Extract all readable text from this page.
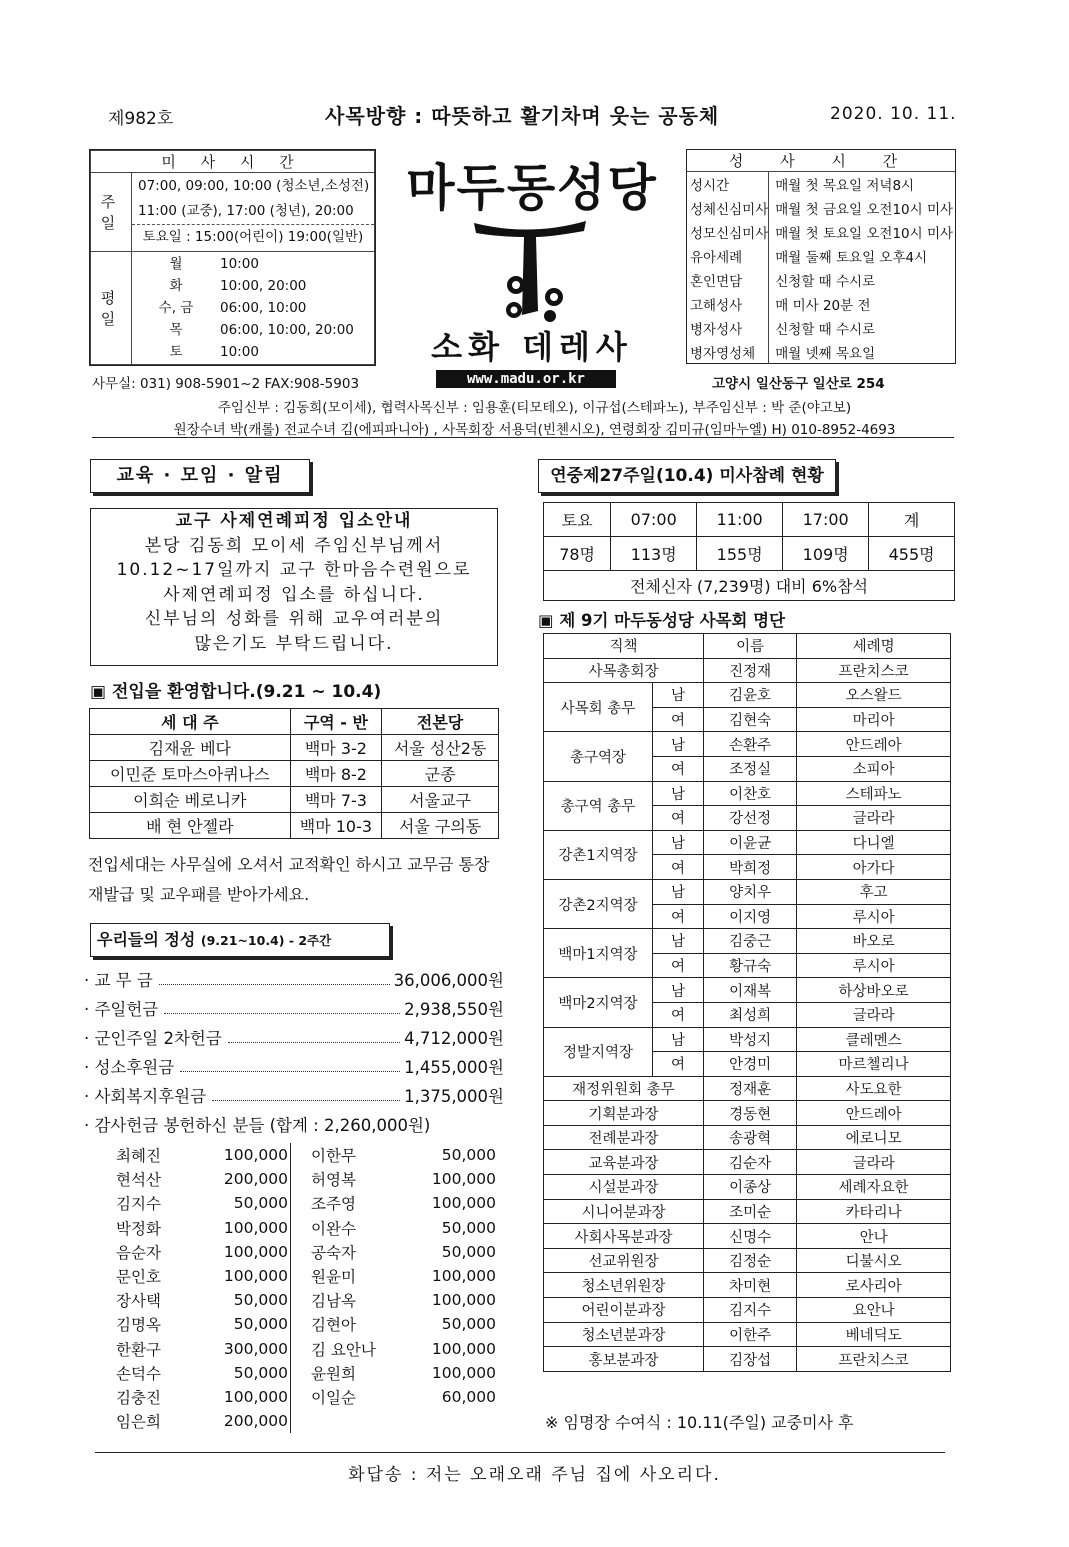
제982호	사목방향 : 따뜻하고 활기차며 웃는 공동체	2020. 10. 11.
미 사 시 간	
주 일	07:00, 09:00, 10:00 (청소년,소성전)
11:00 (교중), 17:00 (청년), 20:00
토요일 : 15:00(어린이) 19:00(일반)

평 일	월 10:00
화 10:00, 20:00
수, 금 06:00, 10:00
목 06:00, 10:00, 20:00
토 10:00
마두동성당
소화 데레사
성 사 시 간	
성시간	매월 첫 목요일 저녁8시
성체신심미사	매월 첫 금요일 오전10시 미사
성모신심미사	매월 첫 토요일 오전10시 미사
유아세례	매월 둘째 토요일 오후4시
혼인면담	신청할 때 수시로
고해성사	매 미사 20분 전
병자성사	신청할 때 수시로
병자영성체	매월 넷째 목요일
사무실: 031) 908-5901~2 FAX:908-5903	www.madu.or.kr	고양시 일산동구 일산로 254
주임신부 : 김동희(모이세), 협력사목신부 : 임용훈(티모테오), 이규섭(스테파노), 부주임신부 : 박 준(야고보)
원장수녀 박(캐롤) 전교수녀 김(에피파니아) , 사목회장 서용덕(빈첸시오), 연령회장 김미규(임마누엘) H) 010-8952-4693
교육 · 모임 · 알림
교구 사제연례피정 입소안내
본당 김동희 모이세 주임신부님께서
10.12~17일까지 교구 한마음수련원으로
사제연례피정 입소를 하십니다.
신부님의 성화를 위해 교우여러분의
많은기도 부탁드립니다.
▣ 전입을 환영합니다.(9.21 ~ 10.4)
세 대 주	구역 - 반	전본당
김재윤 베다	백마 3-2	서울 성산2동
이민준 토마스아퀴나스	백마 8-2	군종
이희순 베로니카	백마 7-3	서울교구
배 현 안젤라	백마 10-3	서울 구의동
전입세대는 사무실에 오셔서 교적확인 하시고 교무금 통장
재발급 및 교우패를 받아가세요.
우리들의 정성 (9.21~10.4) - 2주간
· 교 무 금	36,006,000원
· 주일헌금	2,938,550원
· 군인주일 2차헌금	4,712,000원
· 성소후원금	1,455,000원
· 사회복지후원금	1,375,000원
· 감사헌금 봉헌하신 분들 (합계 : 2,260,000원)
최혜진	100,000	이한무	50,000
현석산	200,000	허영복	100,000
김지수	50,000	조주영	100,000
박정화	100,000	이완수	50,000
음순자	100,000	공숙자	50,000
문인호	100,000	원윤미	100,000
장사택	50,000	김남옥	100,000
김명옥	50,000	김현아	50,000
한환구	300,000	김 요안나	100,000
손덕수	50,000	윤원희	100,000
김충진	100,000	이일순	60,000
임은희	200,000		
연중제27주일(10.4) 미사참례 현황
토요	07:00	11:00	17:00	계
78명	113명	155명	109명	455명
전체신자 (7,239명) 대비 6%참석				
▣ 제 9기 마두동성당 사목회 명단
직책		이름	세례명
사목총회장		진정재	프란치스코
사목회 총무	남	김윤호	오스왈드
	여	김현숙	마리아
총구역장	남	손환주	안드레아
	여	조정실	소피아
총구역 총무	남	이찬호	스테파노
	여	강선정	글라라
강촌1지역장	남	이윤균	다니엘
	여	박희정	아가다
강촌2지역장	남	양치우	후고
	여	이지영	루시아
백마1지역장	남	김중근	바오로
	여	황규숙	루시아
백마2지역장	남	이재복	하상바오로
	여	최성희	글라라
정발지역장	남	박성지	클레멘스
	여	안경미	마르첼리나
재정위원회 총무		정재훈	사도요한
기획분과장		경동현	안드레아
전례분과장		송광혁	에로니모
교육분과장		김순자	글라라
시설분과장		이종상	세례자요한
시니어분과장		조미순	카타리나
사회사목분과장		신명수	안나
선교위원장		김정순	디불시오
청소년위원장		차미현	로사리아
어린이분과장		김지수	요안나
청소년분과장		이한주	베네딕도
홍보분과장		김장섭	프란치스코
※ 임명장 수여식 : 10.11(주일) 교중미사 후
화답송 : 저는 오래오래 주님 집에 사오리다.
